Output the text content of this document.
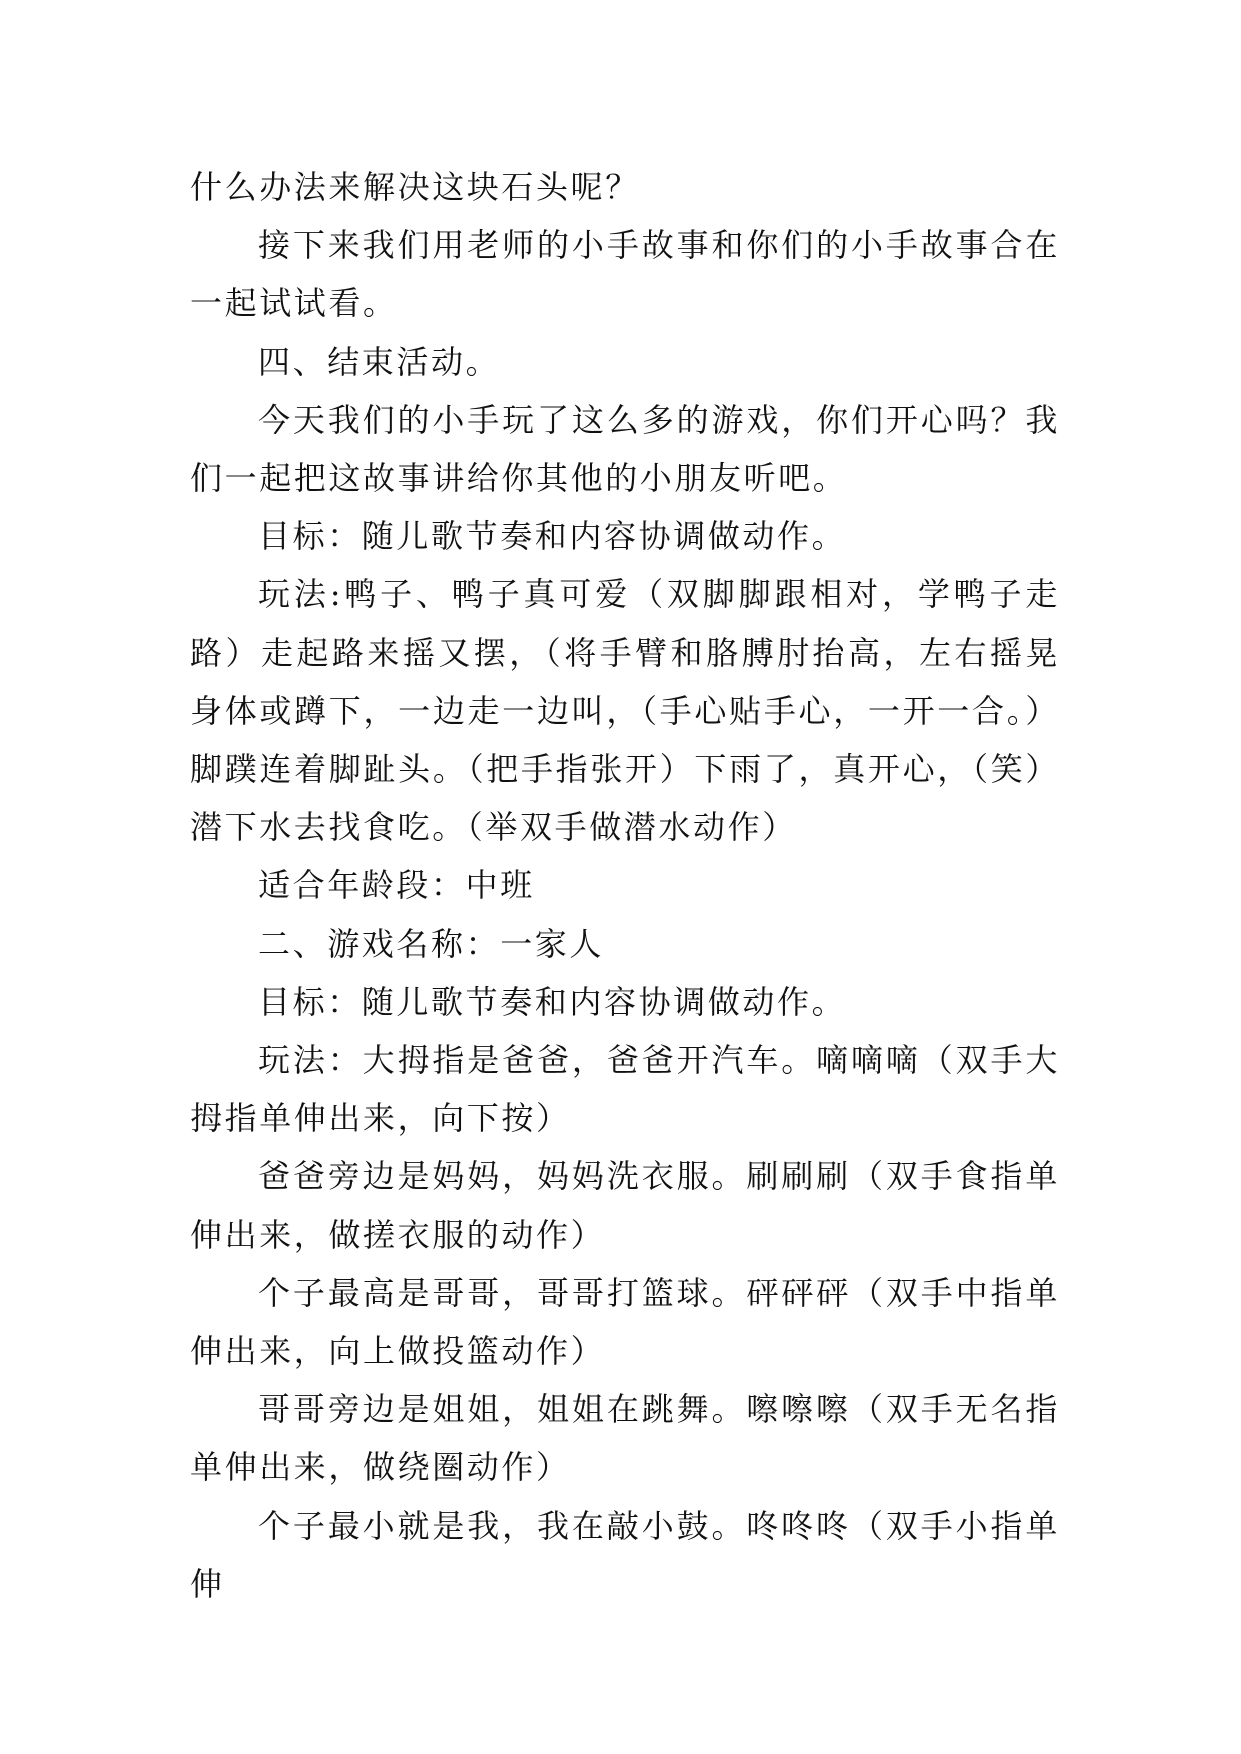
什么办法来解决这块石头呢？

接下来我们用老师的小手故事和你们的小手故事合在一起试试看。

四、结束活动。

今天我们的小手玩了这么多的游戏，你们开心吗？我们一起把这故事讲给你其他的小朋友听吧。

目标：随儿歌节奏和内容协调做动作。

玩法:鸭子、鸭子真可爱（双脚脚跟相对，学鸭子走路）走起路来摇又摆，（将手臂和胳膊肘抬高，左右摇晃身体或蹲下，一边走一边叫，（手心贴手心，一开一合。）脚蹼连着脚趾头。（把手指张开）下雨了，真开心，（笑）潜下水去找食吃。（举双手做潜水动作）

适合年龄段：中班

二、游戏名称：一家人

目标：随儿歌节奏和内容协调做动作。

玩法：大拇指是爸爸，爸爸开汽车。嘀嘀嘀（双手大拇指单伸出来，向下按）

爸爸旁边是妈妈，妈妈洗衣服。刷刷刷（双手食指单伸出来，做搓衣服的动作）

个子最高是哥哥，哥哥打篮球。砰砰砰（双手中指单伸出来，向上做投篮动作）

哥哥旁边是姐姐，姐姐在跳舞。嚓嚓嚓（双手无名指单伸出来，做绕圈动作）

个子最小就是我，我在敲小鼓。咚咚咚（双手小指单伸
